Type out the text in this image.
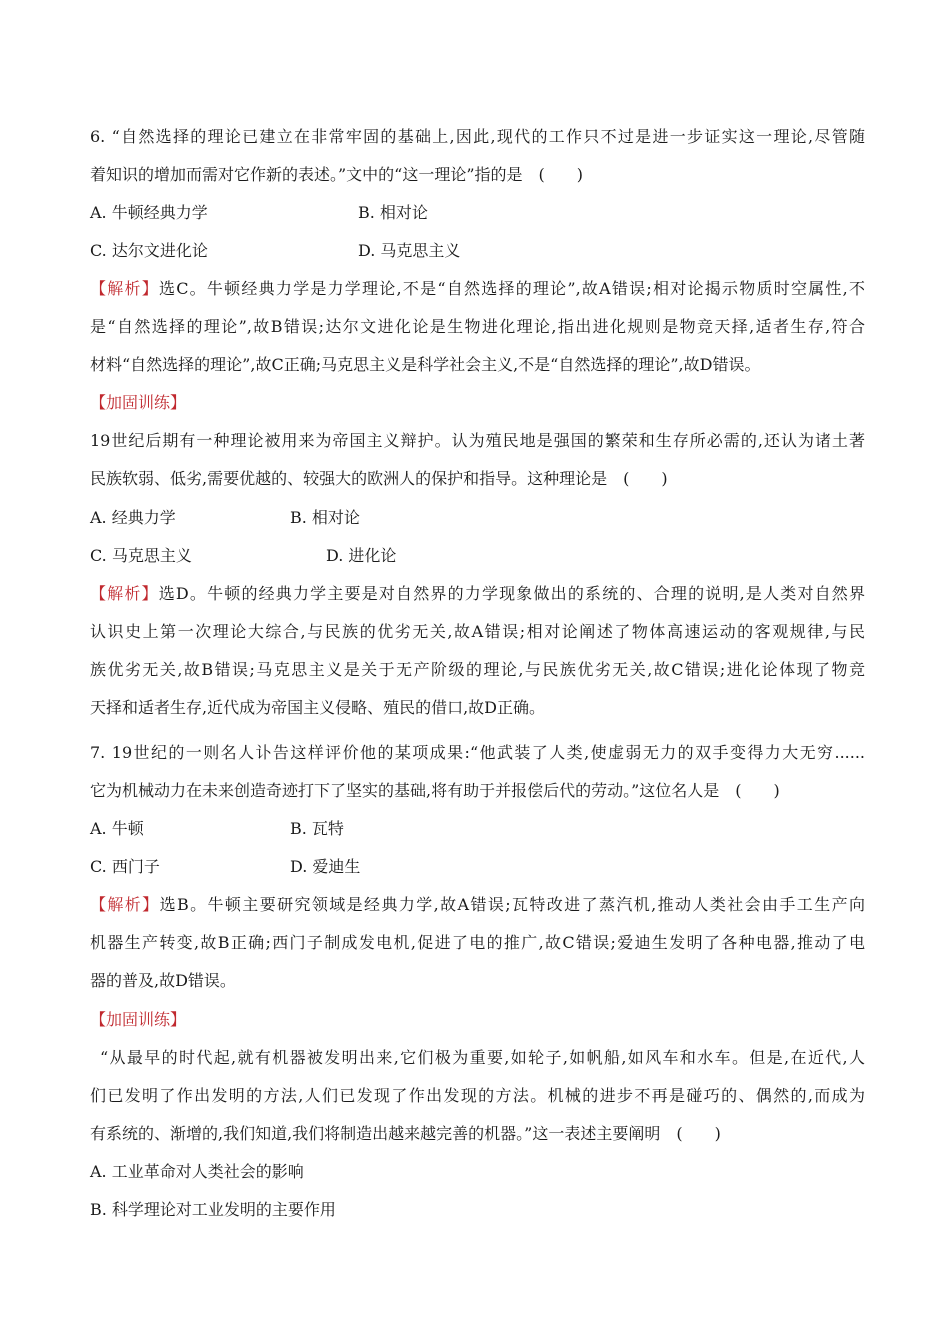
6. “自然选择的理论已建立在非常牢固的基础上,因此,现代的工作只不过是进一步证实这一理论,尽管随
着知识的增加而需对它作新的表述。”文中的“这一理论”指的是　(　　)
A. 牛顿经典力学	B. 相对论
C. 达尔文进化论	D. 马克思主义
【解析】选C。牛顿经典力学是力学理论,不是“自然选择的理论”,故A错误;相对论揭示物质时空属性,不
是“自然选择的理论”,故B错误;达尔文进化论是生物进化理论,指出进化规则是物竞天择,适者生存,符合
材料“自然选择的理论”,故C正确;马克思主义是科学社会主义,不是“自然选择的理论”,故D错误。
【加固训练】
19世纪后期有一种理论被用来为帝国主义辩护。认为殖民地是强国的繁荣和生存所必需的,还认为诸土著
民族软弱、低劣,需要优越的、较强大的欧洲人的保护和指导。这种理论是　(　　)
A. 经典力学	B. 相对论
C. 马克思主义	D. 进化论
【解析】选D。牛顿的经典力学主要是对自然界的力学现象做出的系统的、合理的说明,是人类对自然界
认识史上第一次理论大综合,与民族的优劣无关,故A错误;相对论阐述了物体高速运动的客观规律,与民
族优劣无关,故B错误;马克思主义是关于无产阶级的理论,与民族优劣无关,故C错误;进化论体现了物竞
天择和适者生存,近代成为帝国主义侵略、殖民的借口,故D正确。
7. 19世纪的一则名人讣告这样评价他的某项成果:“他武装了人类,使虚弱无力的双手变得力大无穷......
它为机械动力在未来创造奇迹打下了坚实的基础,将有助于并报偿后代的劳动。”这位名人是　(　　)
A. 牛顿	B. 瓦特
C. 西门子	D. 爱迪生
【解析】选B。牛顿主要研究领域是经典力学,故A错误;瓦特改进了蒸汽机,推动人类社会由手工生产向
机器生产转变,故B正确;西门子制成发电机,促进了电的推广,故C错误;爱迪生发明了各种电器,推动了电
器的普及,故D错误。
【加固训练】
“从最早的时代起,就有机器被发明出来,它们极为重要,如轮子,如帆船,如风车和水车。但是,在近代,人
们已发明了作出发明的方法,人们已发现了作出发现的方法。机械的进步不再是碰巧的、偶然的,而成为
有系统的、渐增的,我们知道,我们将制造出越来越完善的机器。”这一表述主要阐明　(　　)
A. 工业革命对人类社会的影响
B. 科学理论对工业发明的主要作用
